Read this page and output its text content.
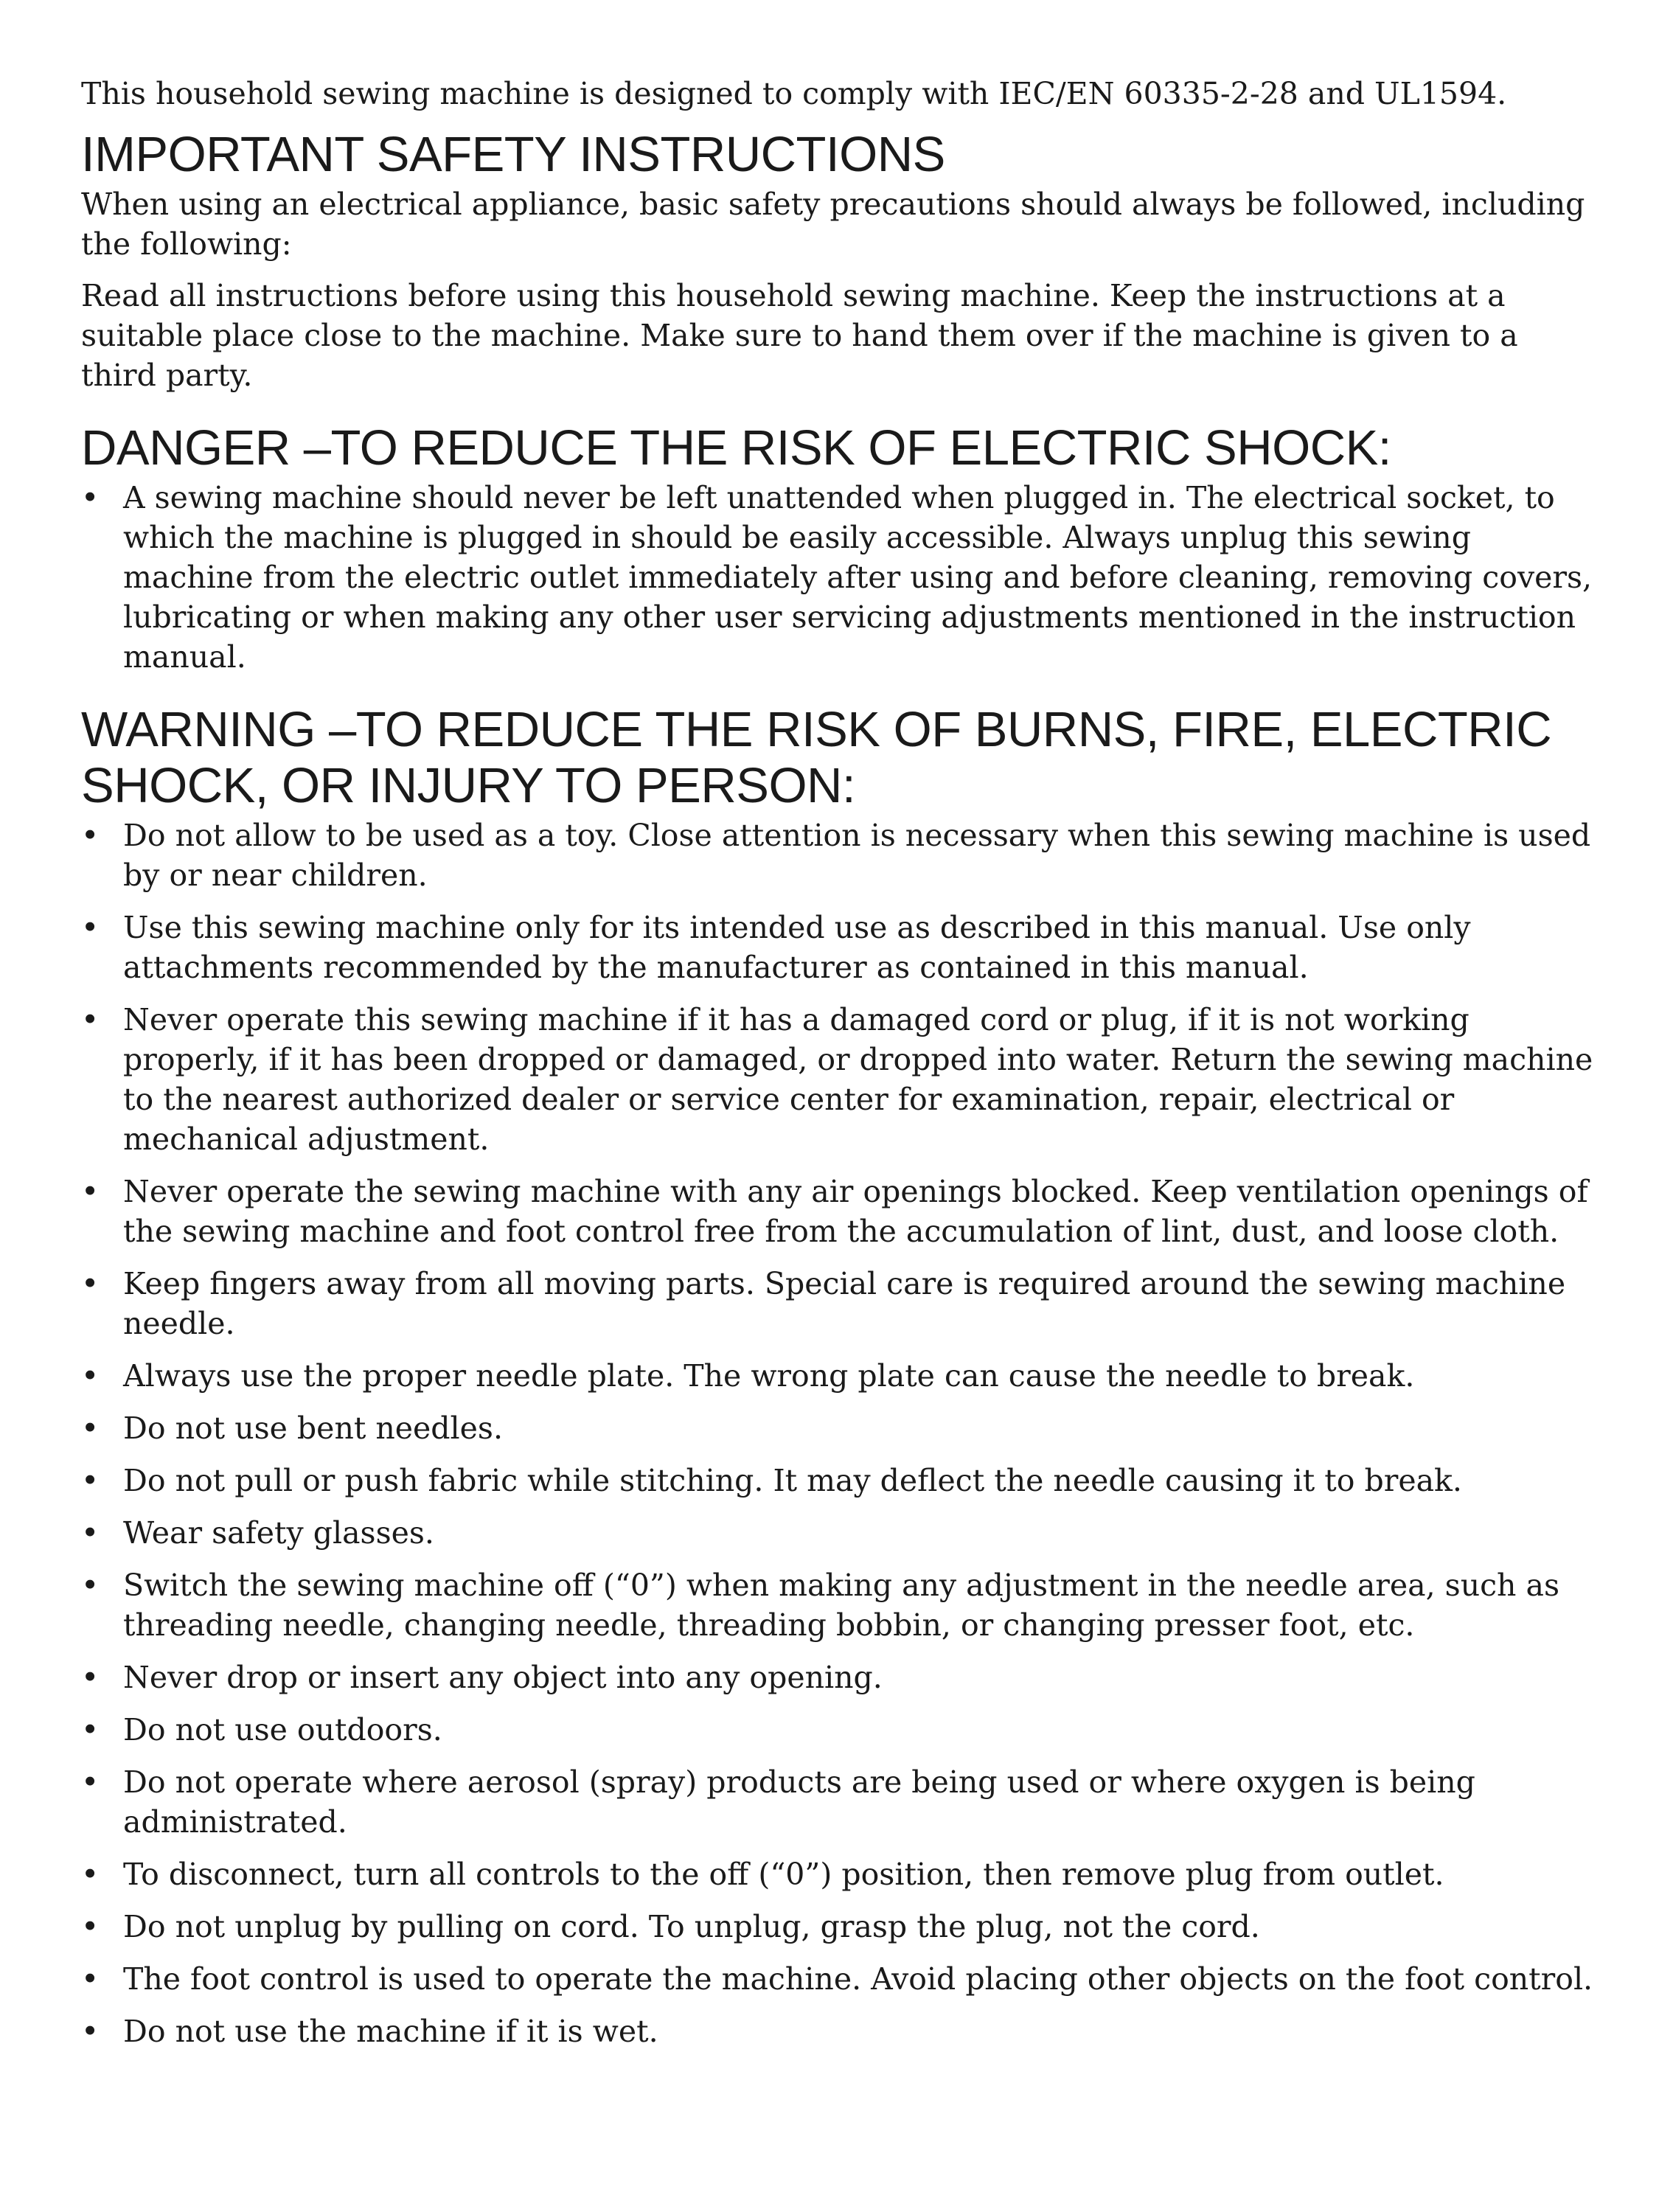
This household sewing machine is designed to comply with IEC/EN 60335-2-28 and UL1594.

IMPORTANT SAFETY INSTRUCTIONS

When using an electrical appliance, basic safety precautions should always be followed, including the following:

Read all instructions before using this household sewing machine. Keep the instructions at a suitable place close to the machine. Make sure to hand them over if the machine is given to a third party.

DANGER –TO REDUCE THE RISK OF ELECTRIC SHOCK:
• A sewing machine should never be left unattended when plugged in. The electrical socket, to which the machine is plugged in should be easily accessible. Always unplug this sewing machine from the electric outlet immediately after using and before cleaning, removing covers, lubricating or when making any other user servicing adjustments mentioned in the instruction manual.
WARNING –TO REDUCE THE RISK OF BURNS, FIRE, ELECTRIC SHOCK, OR INJURY TO PERSON:
• Do not allow to be used as a toy. Close attention is necessary when this sewing machine is used by or near children.
• Use this sewing machine only for its intended use as described in this manual. Use only attachments recommended by the manufacturer as contained in this manual.
• Never operate this sewing machine if it has a damaged cord or plug, if it is not working properly, if it has been dropped or damaged, or dropped into water. Return the sewing machine to the nearest authorized dealer or service center for examination, repair, electrical or mechanical adjustment.
• Never operate the sewing machine with any air openings blocked. Keep ventilation openings of the sewing machine and foot control free from the accumulation of lint, dust, and loose cloth.
• Keep fingers away from all moving parts. Special care is required around the sewing machine needle.
• Always use the proper needle plate. The wrong plate can cause the needle to break.
• Do not use bent needles.
• Do not pull or push fabric while stitching. It may deflect the needle causing it to break.
• Wear safety glasses.
• Switch the sewing machine off (“0”) when making any adjustment in the needle area, such as threading needle, changing needle, threading bobbin, or changing presser foot, etc.
• Never drop or insert any object into any opening.
• Do not use outdoors.
• Do not operate where aerosol (spray) products are being used or where oxygen is being administrated.
• To disconnect, turn all controls to the off (“0”) position, then remove plug from outlet.
• Do not unplug by pulling on cord. To unplug, grasp the plug, not the cord.
• The foot control is used to operate the machine. Avoid placing other objects on the foot control.
• Do not use the machine if it is wet.
